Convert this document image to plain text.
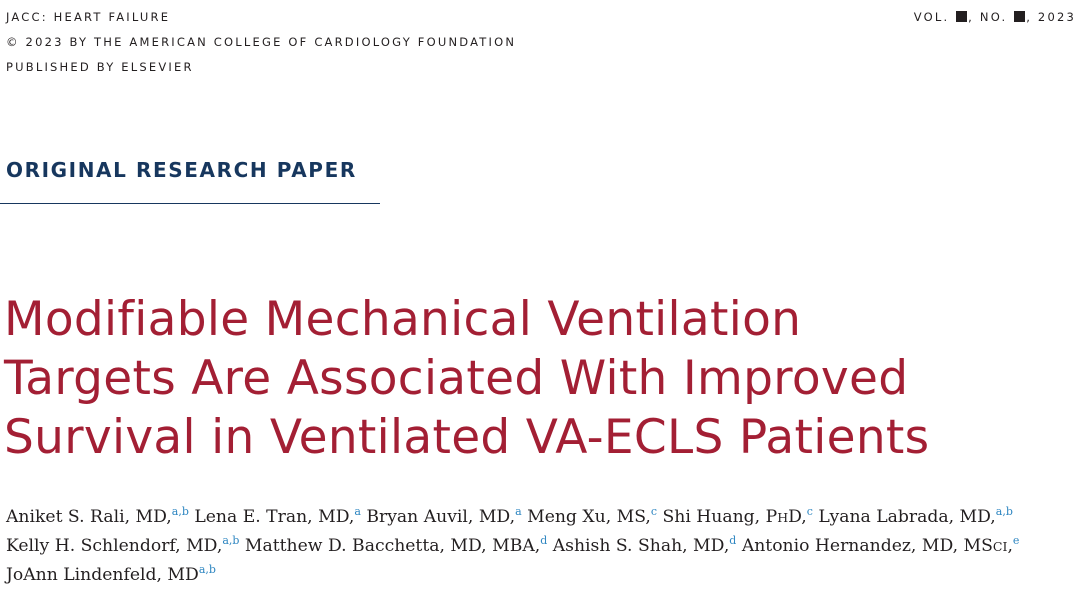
JACC: HEART FAILURE
© 2023 BY THE AMERICAN COLLEGE OF CARDIOLOGY FOUNDATION
PUBLISHED BY ELSEVIER
VOL. , NO. , 2023
ORIGINAL RESEARCH PAPER
Modifiable Mechanical Ventilation
Targets Are Associated With Improved
Survival in Ventilated VA-ECLS Patients
Aniket S. Rali, MD,$^{a,b}$ Lena E. Tran, MD,$^a$ Bryan Auvil, MD,$^a$ Meng Xu, MS,$^c$ Shi Huang, PHD,$^c$ Lyana Labrada, MD,$^{a,b}$
Kelly H. Schlendorf, MD,$^{a,b}$ Matthew D. Bacchetta, MD, MBA,$^d$ Ashish S. Shah, MD,$^d$ Antonio Hernandez, MD, MSCI,$^e$
JoAnn Lindenfeld, MD$^{a,b}$
